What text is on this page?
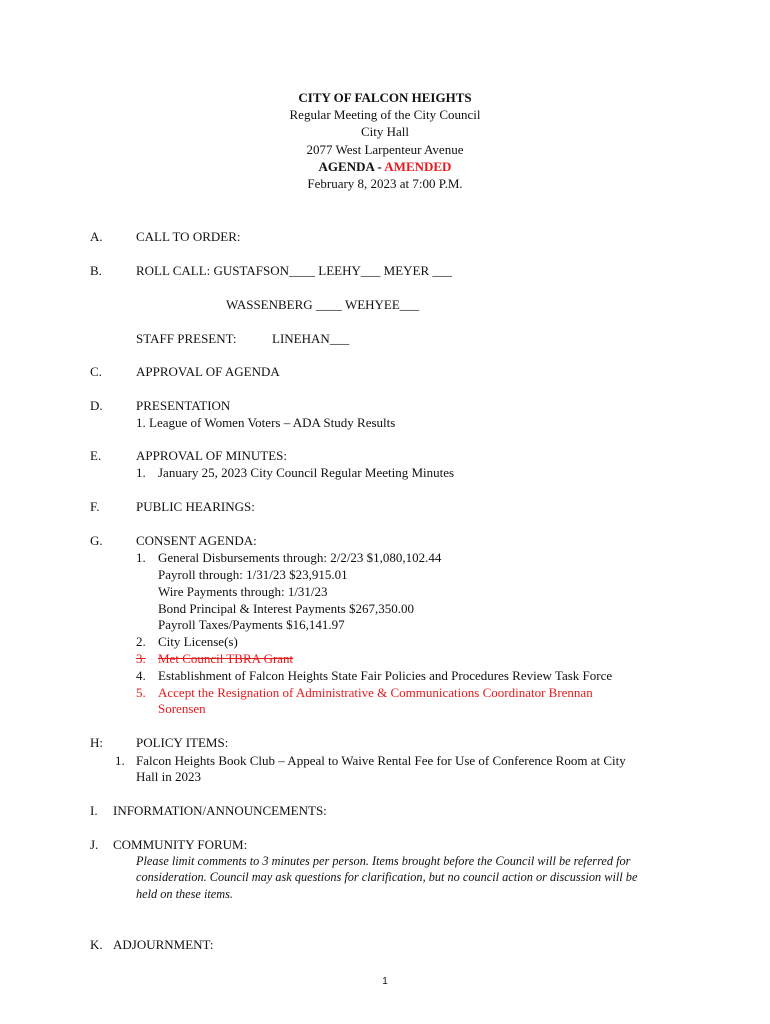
CITY OF FALCON HEIGHTS
Regular Meeting of the City Council
City Hall
2077 West Larpenteur Avenue
AGENDA - AMENDED
February 8, 2023 at 7:00 P.M.
A.	CALL TO ORDER:
B.	ROLL CALL: GUSTAFSON____ LEEHY___ MEYER ___
WASSENBERG ____ WEHYEE___
STAFF PRESENT:	LINEHAN___
C.	APPROVAL OF AGENDA
D.	PRESENTATION
1. League of Women Voters – ADA Study Results
E.	APPROVAL OF MINUTES:
1. January 25, 2023 City Council Regular Meeting Minutes
F.	PUBLIC HEARINGS:
G.	CONSENT AGENDA:
1. General Disbursements through: 2/2/23 $1,080,102.44
Payroll through: 1/31/23 $23,915.01
Wire Payments through: 1/31/23
Bond Principal & Interest Payments $267,350.00
Payroll Taxes/Payments $16,141.97
2. City License(s)
3. Met Council TBRA Grant
4. Establishment of Falcon Heights State Fair Policies and Procedures Review Task Force
5. Accept the Resignation of Administrative & Communications Coordinator Brennan
Sorensen
H:	POLICY ITEMS:
1. Falcon Heights Book Club – Appeal to Waive Rental Fee for Use of Conference Room at City
Hall in 2023
I. INFORMATION/ANNOUNCEMENTS:
J. COMMUNITY FORUM:
Please limit comments to 3 minutes per person. Items brought before the Council will be referred for
consideration. Council may ask questions for clarification, but no council action or discussion will be
held on these items.
K. ADJOURNMENT:
1
